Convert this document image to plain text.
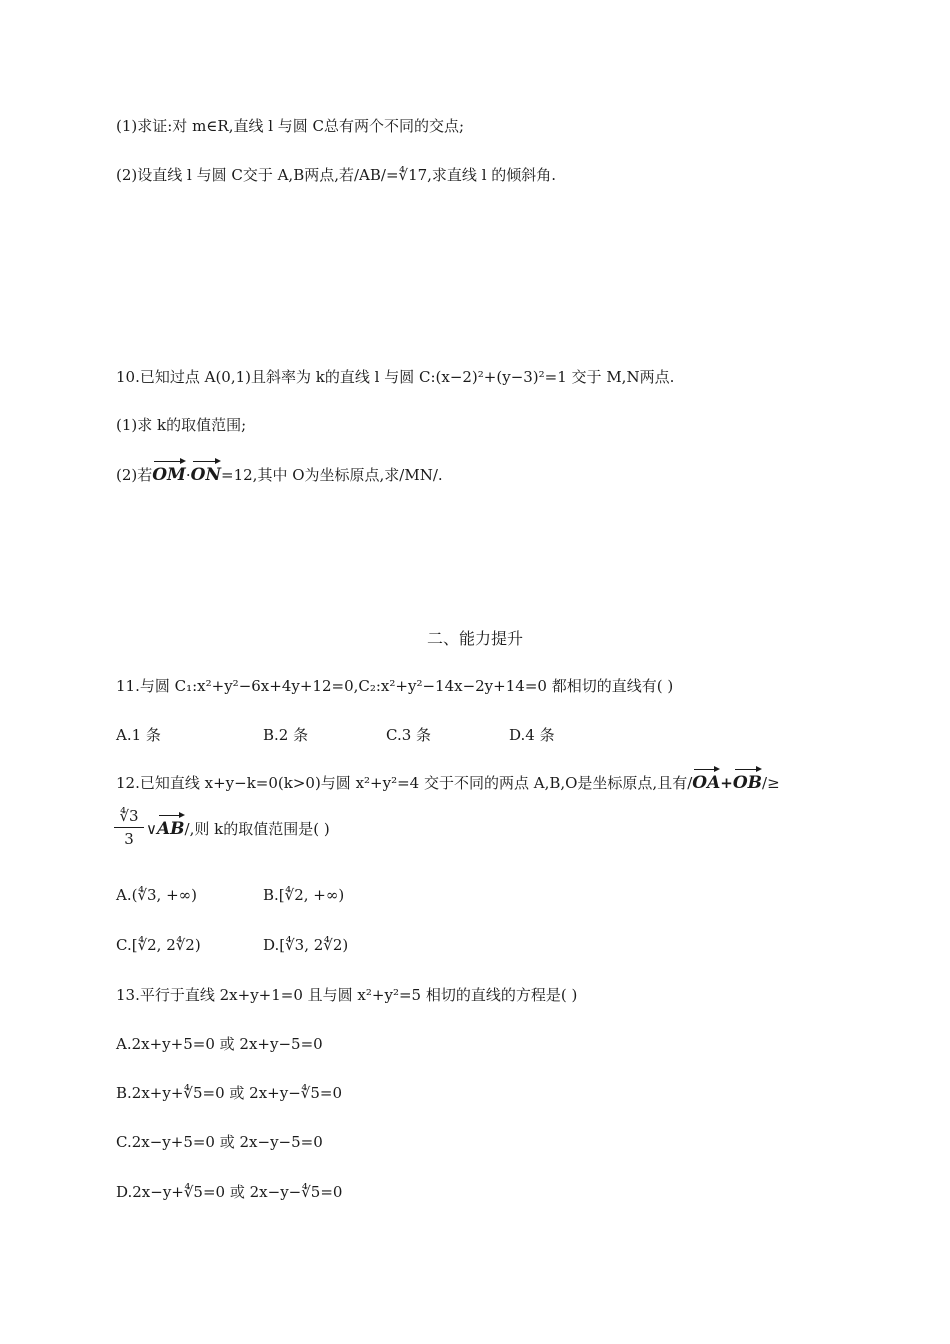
(1)求证:对 m∈R,直线 l 与圆 C总有两个不同的交点;
(2)设直线 l 与圆 C交于 A,B两点,若/AB/=∜17,求直线 l 的倾斜角.
10.已知过点 A(0,1)且斜率为 k的直线 l 与圆 C:(x−2)²+(y−3)²=1 交于 M,N两点.
(1)求 k的取值范围;
(2)若OM·ON=12,其中 O为坐标原点,求/MN/.
二、能力提升
11.与圆 C₁:x²+y²−6x+4y+12=0,C₂:x²+y²−14x−2y+14=0 都相切的直线有( )
A.1 条	B.2 条	C.3 条	D.4 条
12.已知直线 x+y−k=0(k>0)与圆 x²+y²=4 交于不同的两点 A,B,O是坐标原点,且有/OA+OB/≥
$\frac{∜3}{3}$ ∨AB/,则 k的取值范围是( )
A.(∜3, +∞)	B.[∜2, +∞)
C.[∜2, 2∜2)	D.[∜3, 2∜2)
13.平行于直线 2x+y+1=0 且与圆 x²+y²=5 相切的直线的方程是( )
A.2x+y+5=0 或 2x+y−5=0
B.2x+y+∜5=0 或 2x+y−∜5=0
C.2x−y+5=0 或 2x−y−5=0
D.2x−y+∜5=0 或 2x−y−∜5=0
